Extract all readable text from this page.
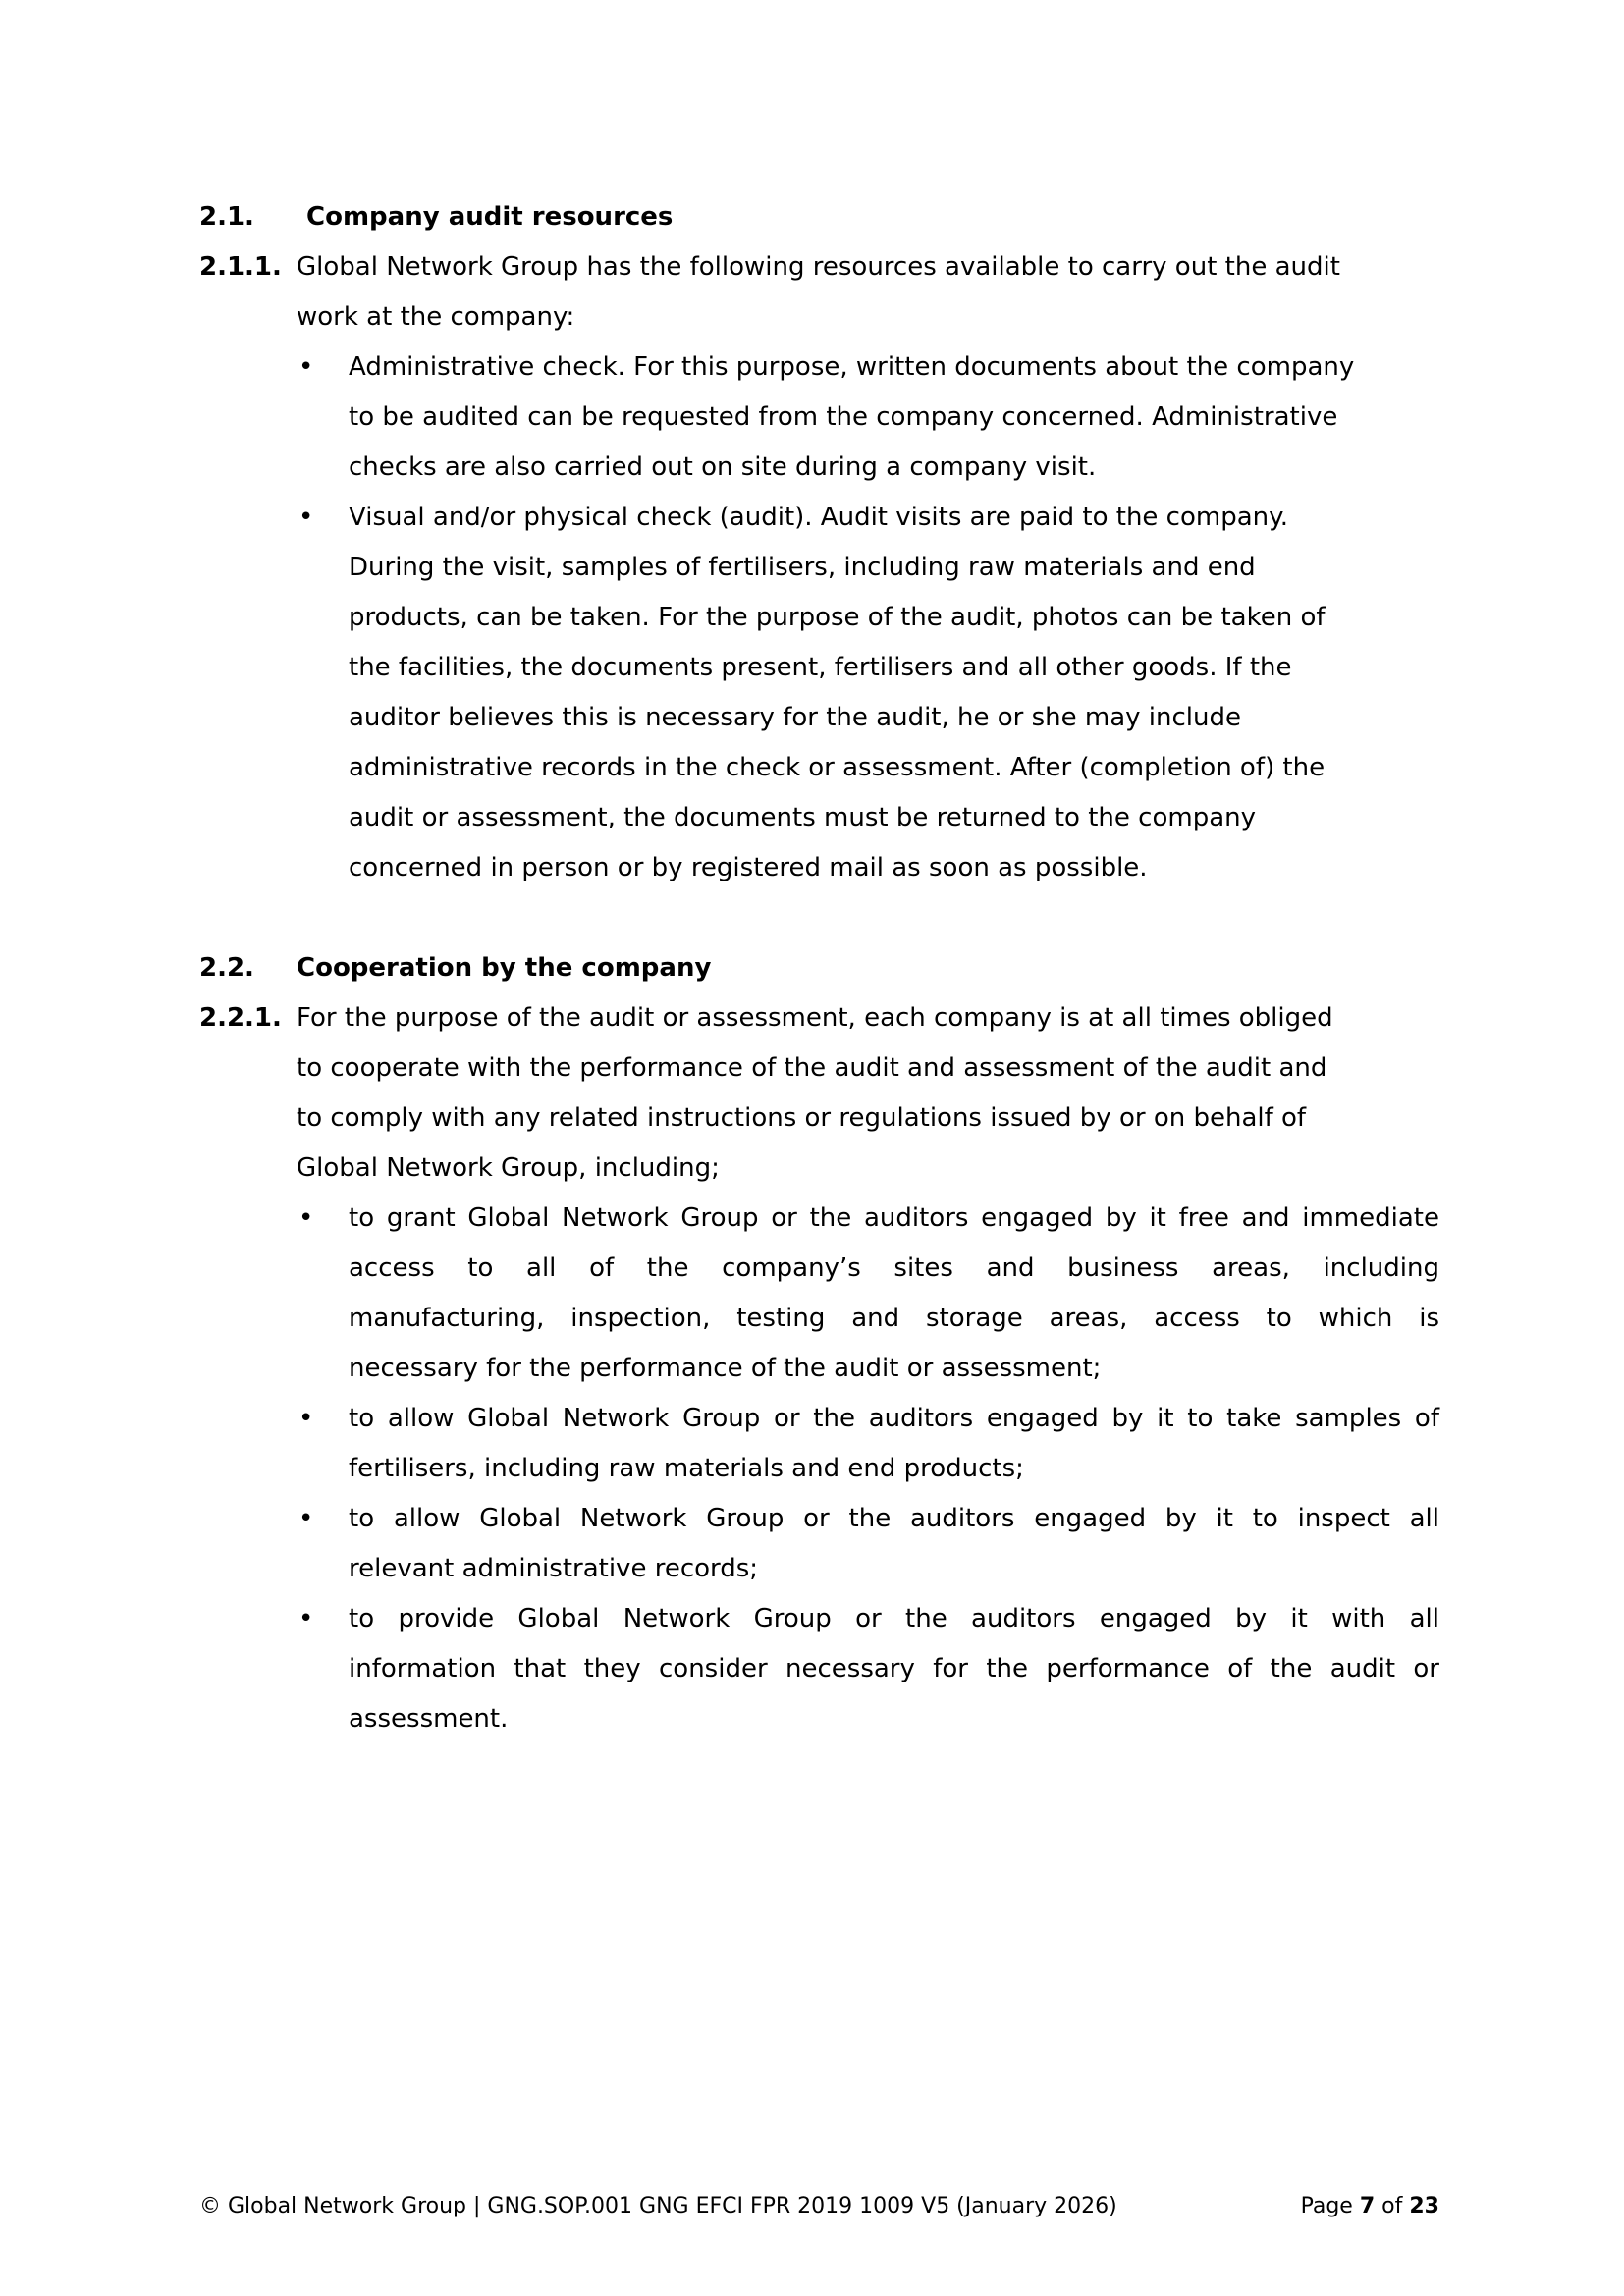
2.1.	Company audit resources
2.1.1. Global Network Group has the following resources available to carry out the audit
work at the company:
•	Administrative check. For this purpose, written documents about the company
to be audited can be requested from the company concerned. Administrative
checks are also carried out on site during a company visit.
•	Visual and/or physical check (audit). Audit visits are paid to the company.
During the visit, samples of fertilisers, including raw materials and end
products, can be taken. For the purpose of the audit, photos can be taken of
the facilities, the documents present, fertilisers and all other goods. If the
auditor believes this is necessary for the audit, he or she may include
administrative records in the check or assessment. After (completion of) the
audit or assessment, the documents must be returned to the company
concerned in person or by registered mail as soon as possible.
2.2.	Cooperation by the company
2.2.1. For the purpose of the audit or assessment, each company is at all times obliged
to cooperate with the performance of the audit and assessment of the audit and
to comply with any related instructions or regulations issued by or on behalf of
Global Network Group, including;
•	to grant Global Network Group or the auditors engaged by it free and immediate
access to all of the company’s sites and business areas, including
manufacturing, inspection, testing and storage areas, access to which is
necessary for the performance of the audit or assessment;
•	to allow Global Network Group or the auditors engaged by it to take samples of
fertilisers, including raw materials and end products;
•	to allow Global Network Group or the auditors engaged by it to inspect all
relevant administrative records;
•	to provide Global Network Group or the auditors engaged by it with all
information that they consider necessary for the performance of the audit or
assessment.
© Global Network Group | GNG.SOP.001 GNG EFCI FPR 2019 1009 V5 (January 2026)	Page 7 of 23
